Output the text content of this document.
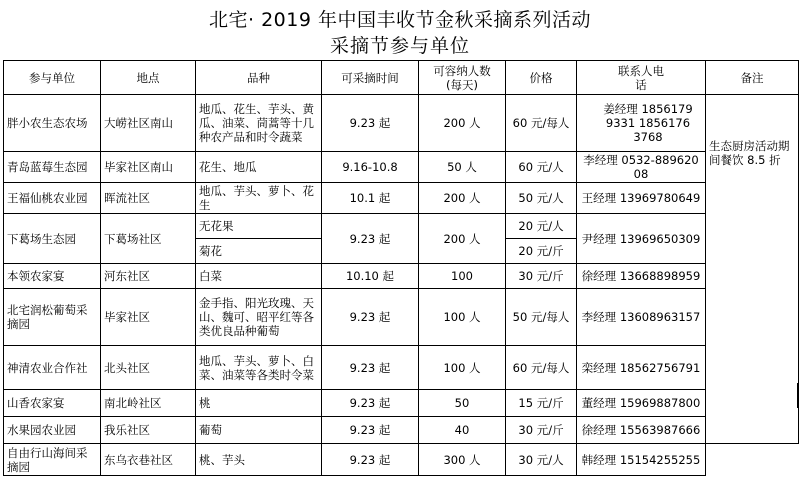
北宅· 2019 年中国丰收节金秋采摘系列活动
采摘节参与单位
参与单位	地点	品种	可采摘时间	可容纳人数(每天)	价格	联系人电话	备注
胖小农生态农场	大崂社区南山	地瓜、花生、芋头、黄瓜、油菜、茼蒿等十几种农产品和时令蔬菜	9.23 起	200 人	60 元/每人	姜经理 18561799331 18561763768	生态厨房活动期间餐饮 8.5 折
青岛蓝莓生态园	毕家社区南山	花生、地瓜	9.16-10.8	50 人	60 元/人	李经理 0532-88962008	
王福仙桃农业园	晖流社区	地瓜、芋头、萝卜、花生	10.1 起	200 人	50 元/人	王经理 13969780649	
下葛场生态园	下葛场社区	无花果	9.23 起	200 人	20 元/人	尹经理 13969650309	
		菊花			20 元/斤		
本领农家宴	河东社区	白菜	10.10 起	100	30 元/斤	徐经理 13668898959	
北宅润松葡萄采摘园	毕家社区	金手指、阳光玫瑰、天山、魏可、昭平红等各类优良品种葡萄	9.23 起	100 人	50 元/每人	李经理 13608963157	
神清农业合作社	北头社区	地瓜、芋头、萝卜、白菜、油菜等各类时令菜	9.23 起	100 人	60 元/每人	栾经理 18562756791	
山香农家宴	南北岭社区	桃	9.23 起	50	15 元/斤	董经理 15969887800	
水果园农业园	我乐社区	葡萄	9.23 起	40	30 元/斤	徐经理 15563987666	
自由行山海间采摘园	东乌衣巷社区	桃、芋头	9.23 起	300 人	30 元/人	韩经理 15154255255	
